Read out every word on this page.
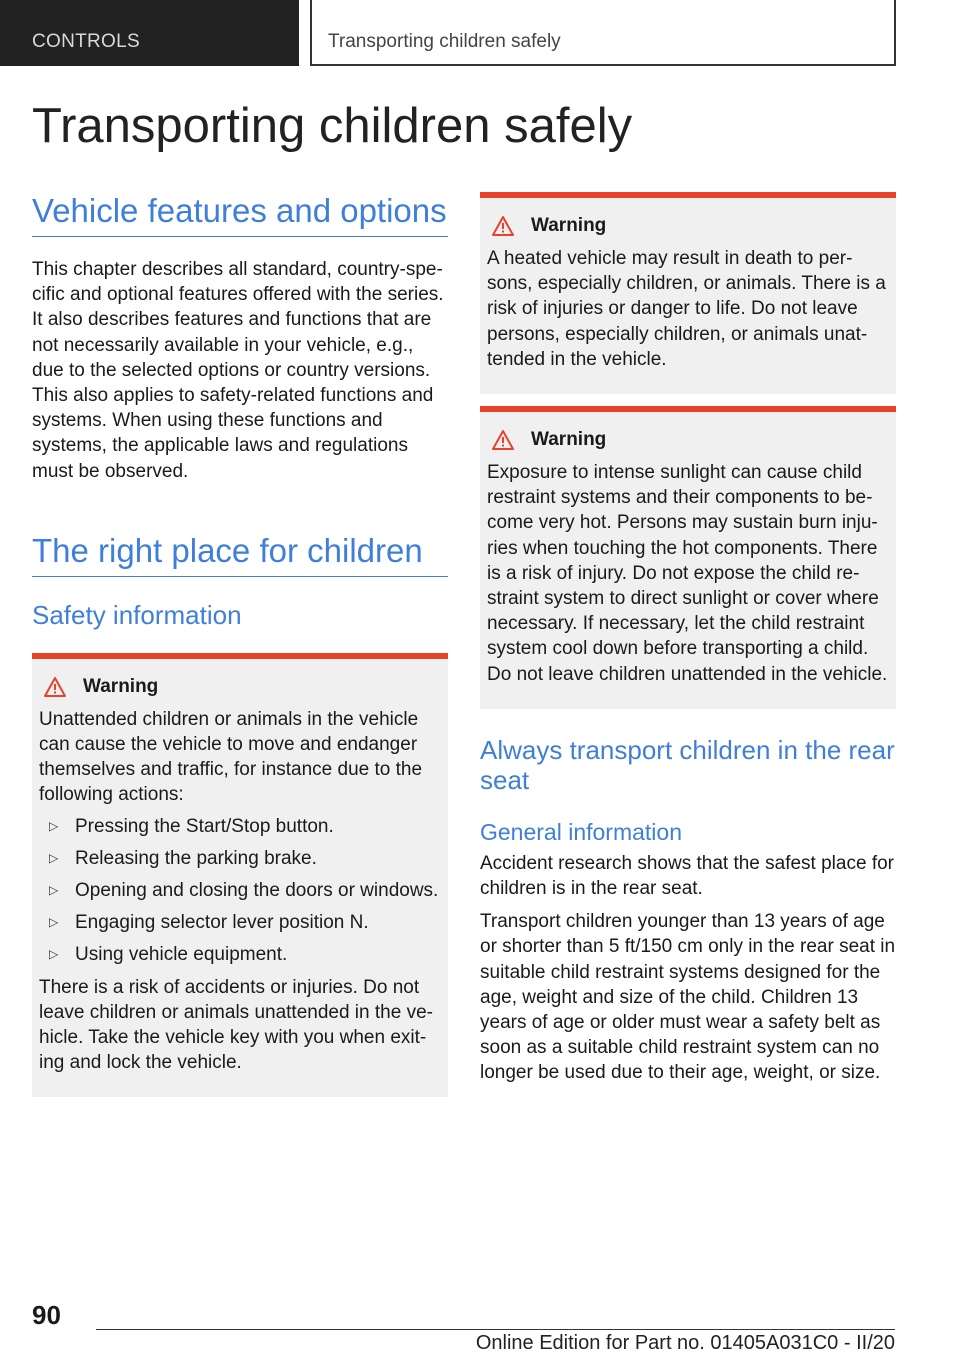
CONTROLS	Transporting children safely
Transporting children safely
Vehicle features and options

This chapter describes all standard, country-specific and optional features offered with the series. It also describes features and functions that are not necessarily available in your vehicle, e.g., due to the selected options or country versions. This also applies to safety-related functions and systems. When using these functions and systems, the applicable laws and regulations must be observed.

The right place for children
Safety information
Warning

Unattended children or animals in the vehicle can cause the vehicle to move and endanger themselves and traffic, for instance due to the following actions:

▷ Pressing the Start/Stop button.
▷ Releasing the parking brake.
▷ Opening and closing the doors or windows.
▷ Engaging selector lever position N.
▷ Using vehicle equipment.

There is a risk of accidents or injuries. Do not leave children or animals unattended in the vehicle. Take the vehicle key with you when exiting and lock the vehicle.

Warning

A heated vehicle may result in death to persons, especially children, or animals. There is a risk of injuries or danger to life. Do not leave persons, especially children, or animals unattended in the vehicle.

Warning

Exposure to intense sunlight can cause child restraint systems and their components to become very hot. Persons may sustain burn injuries when touching the hot components. There is a risk of injury. Do not expose the child restraint system to direct sunlight or cover where necessary. If necessary, let the child restraint system cool down before transporting a child. Do not leave children unattended in the vehicle.

Always transport children in the rear seat
General information

Accident research shows that the safest place for children is in the rear seat.

Transport children younger than 13 years of age or shorter than 5 ft/150 cm only in the rear seat in suitable child restraint systems designed for the age, weight and size of the child. Children 13 years of age or older must wear a safety belt as soon as a suitable child restraint system can no longer be used due to their age, weight, or size.

90
Online Edition for Part no. 01405A031C0 - II/20
